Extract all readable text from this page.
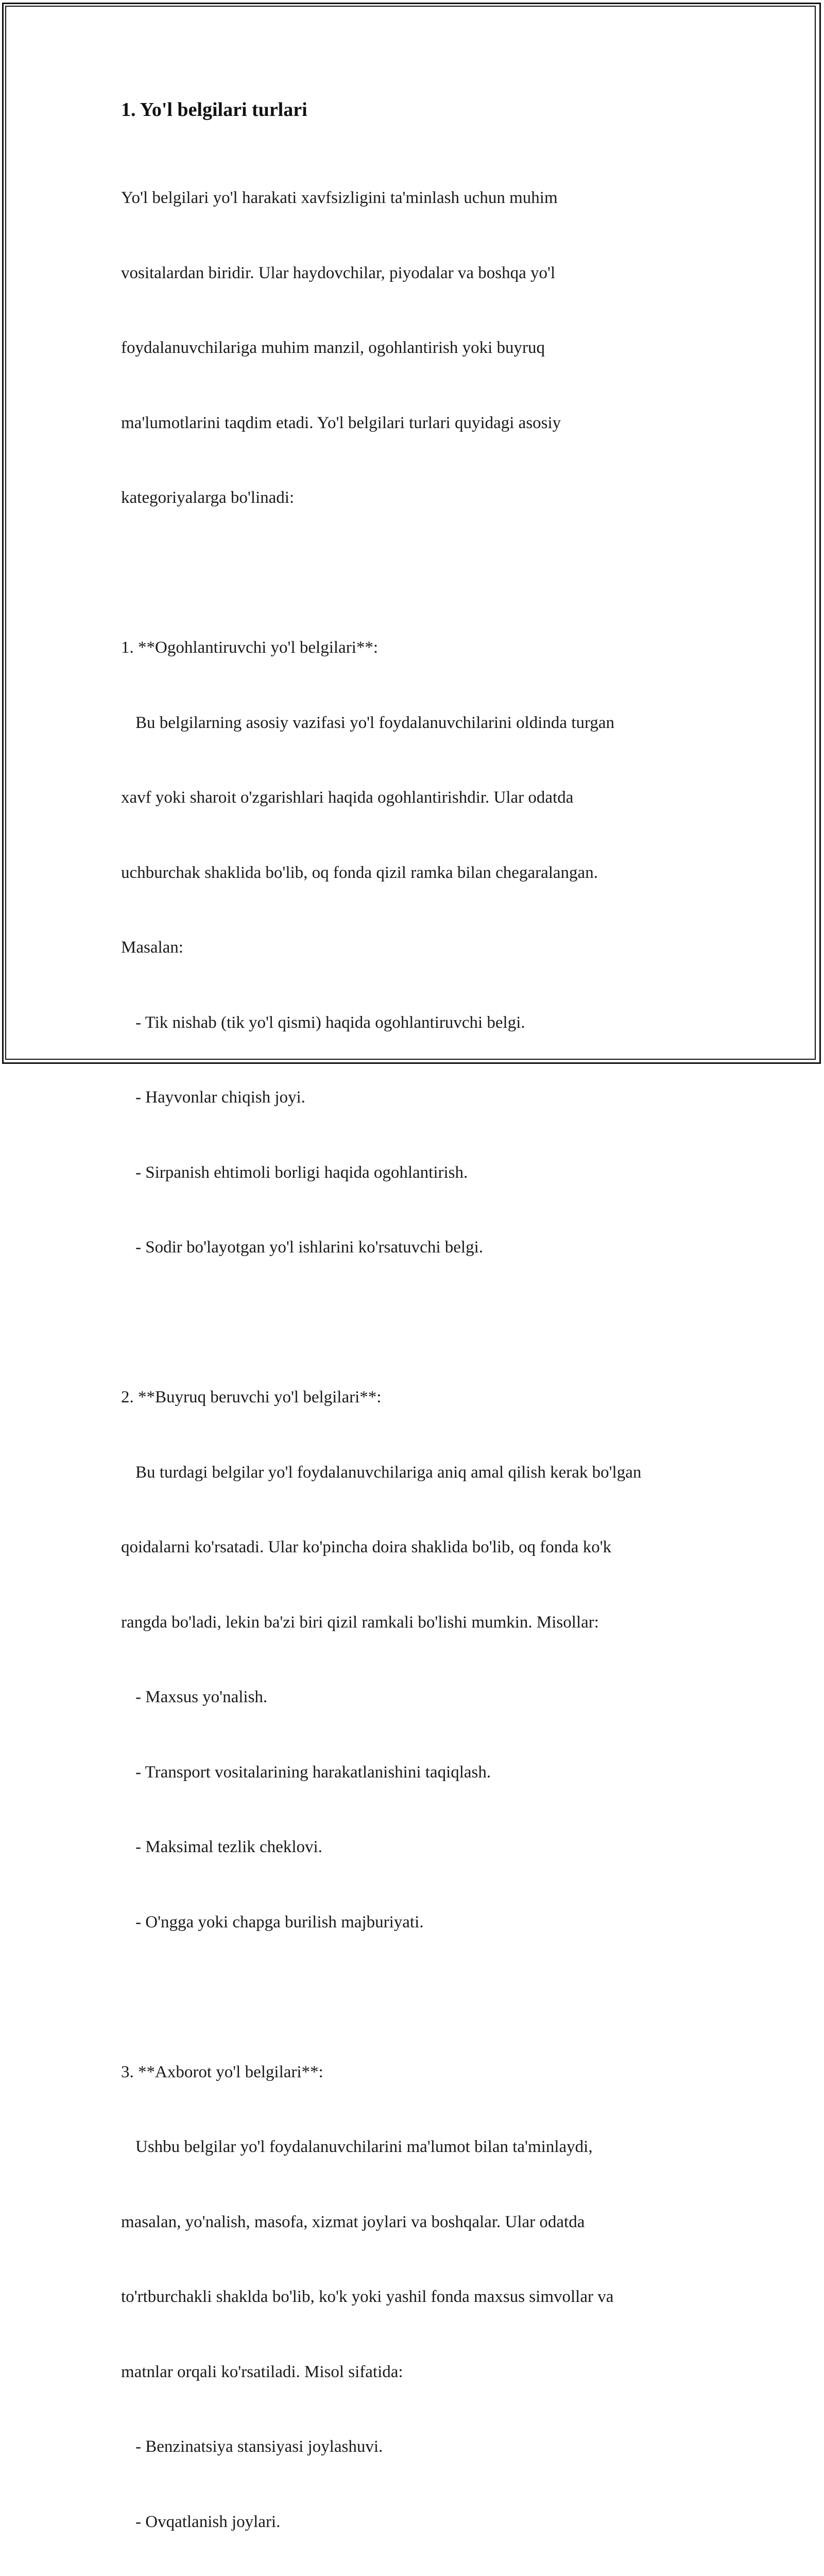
1. Yo'l belgilari turlari

Yo'l belgilari yo'l harakati xavfsizligini ta'minlash uchun muhim

vositalardan biridir. Ular haydovchilar, piyodalar va boshqa yo'l

foydalanuvchilariga muhim manzil, ogohlantirish yoki buyruq

ma'lumotlarini taqdim etadi. Yo'l belgilari turlari quyidagi asosiy

kategoriyalarga bo'linadi:

1. **Ogohlantiruvchi yo'l belgilari**:

Bu belgilarning asosiy vazifasi yo'l foydalanuvchilarini oldinda turgan

xavf yoki sharoit o'zgarishlari haqida ogohlantirishdir. Ular odatda

uchburchak shaklida bo'lib, oq fonda qizil ramka bilan chegaralangan.

Masalan:

- Tik nishab (tik yo'l qismi) haqida ogohlantiruvchi belgi.

- Hayvonlar chiqish joyi.

- Sirpanish ehtimoli borligi haqida ogohlantirish.

- Sodir bo'layotgan yo'l ishlarini ko'rsatuvchi belgi.

2. **Buyruq beruvchi yo'l belgilari**:

Bu turdagi belgilar yo'l foydalanuvchilariga aniq amal qilish kerak bo'lgan

qoidalarni ko'rsatadi. Ular ko'pincha doira shaklida bo'lib, oq fonda ko'k

rangda bo'ladi, lekin ba'zi biri qizil ramkali bo'lishi mumkin. Misollar:

- Maxsus yo'nalish.

- Transport vositalarining harakatlanishini taqiqlash.

- Maksimal tezlik cheklovi.

- O'ngga yoki chapga burilish majburiyati.

3. **Axborot yo'l belgilari**:

Ushbu belgilar yo'l foydalanuvchilarini ma'lumot bilan ta'minlaydi,

masalan, yo'nalish, masofa, xizmat joylari va boshqalar. Ular odatda

to'rtburchakli shaklda bo'lib, ko'k yoki yashil fonda maxsus simvollar va

matnlar orqali ko'rsatiladi. Misol sifatida:

- Benzinatsiya stansiyasi joylashuvi.

- Ovqatlanish joylari.
